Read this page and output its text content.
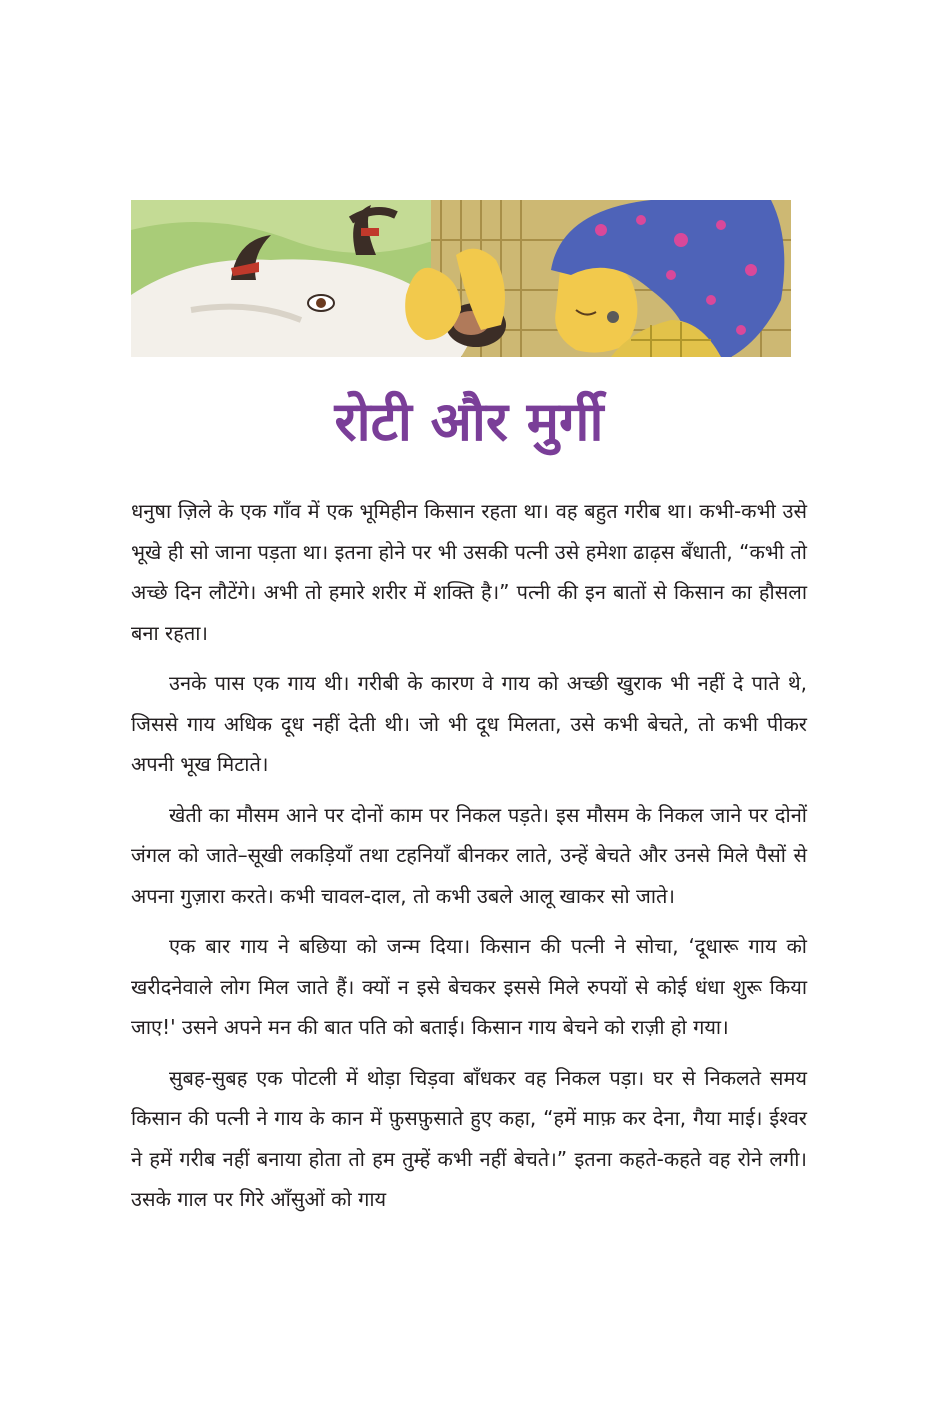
रोटी और मुर्गी

धनुषा ज़िले के एक गाँव में एक भूमिहीन किसान रहता था। वह बहुत गरीब था। कभी-कभी उसे भूखे ही सो जाना पड़ता था। इतना होने पर भी उसकी पत्नी उसे हमेशा ढाढ़स बँधाती, “कभी तो अच्छे दिन लौटेंगे। अभी तो हमारे शरीर में शक्ति है।” पत्नी की इन बातों से किसान का हौसला बना रहता।

उनके पास एक गाय थी। गरीबी के कारण वे गाय को अच्छी खुराक भी नहीं दे पाते थे, जिससे गाय अधिक दूध नहीं देती थी। जो भी दूध मिलता, उसे कभी बेचते, तो कभी पीकर अपनी भूख मिटाते।

खेती का मौसम आने पर दोनों काम पर निकल पड़ते। इस मौसम के निकल जाने पर दोनों जंगल को जाते–सूखी लकड़ियाँ तथा टहनियाँ बीनकर लाते, उन्हें बेचते और उनसे मिले पैसों से अपना गुज़ारा करते। कभी चावल-दाल, तो कभी उबले आलू खाकर सो जाते।

एक बार गाय ने बछिया को जन्म दिया। किसान की पत्नी ने सोचा, ‘दूधारू गाय को खरीदनेवाले लोग मिल जाते हैं। क्यों न इसे बेचकर इससे मिले रुपयों से कोई धंधा शुरू किया जाए!' उसने अपने मन की बात पति को बताई। किसान गाय बेचने को राज़ी हो गया।

सुबह-सुबह एक पोटली में थोड़ा चिड़वा बाँधकर वह निकल पड़ा। घर से निकलते समय किसान की पत्नी ने गाय के कान में फ़ुसफ़ुसाते हुए कहा, “हमें माफ़ कर देना, गैया माई। ईश्वर ने हमें गरीब नहीं बनाया होता तो हम तुम्हें कभी नहीं बेचते।” इतना कहते-कहते वह रोने लगी। उसके गाल पर गिरे आँसुओं को गाय
